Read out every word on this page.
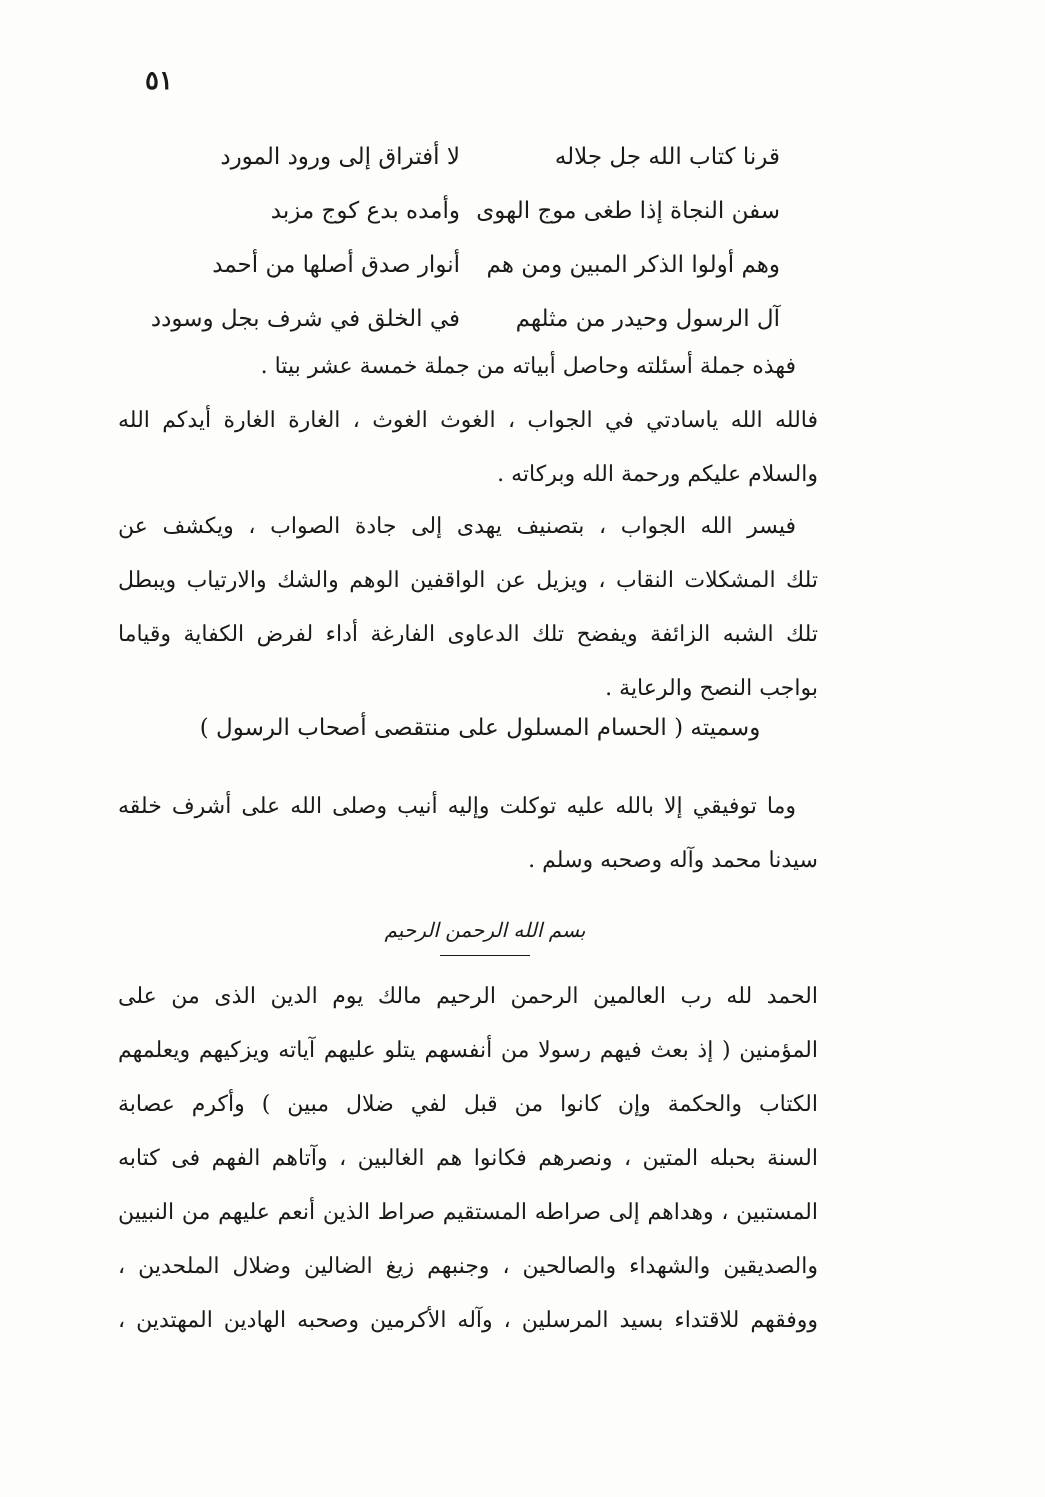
٥١
قرنا كتاب الله جل جلاله
لا أفتراق إلى ورود المورد
سفن النجاة إذا طغى موج الهوى
وأمده بدع كوج مزبد
وهم أولوا الذكر المبين ومن هم
أنوار صدق أصلها من أحمد
آل الرسول وحيدر من مثلهم
في الخلق في شرف بجل وسودد
فهذه جملة أسئلته وحاصل أبياته من جملة خمسة عشر بيتا .
فالله الله ياسادتي في الجواب ، الغوث الغوث ، الغارة الغارة أيدكم الله
والسلام عليكم ورحمة الله وبركاته .
فيسر الله الجواب ، بتصنيف يهدى إلى جادة الصواب ، ويكشف عن
تلك المشكلات النقاب ، ويزيل عن الواقفين الوهم والشك والارتياب ويبطل
تلك الشبه الزائفة ويفضح تلك الدعاوى الفارغة أداء لفرض الكفاية وقياما
بواجب النصح والرعاية .
وسميته ( الحسام المسلول على منتقصى أصحاب الرسول )
وما توفيقي إلا بالله عليه توكلت وإليه أنيب وصلى الله على أشرف خلقه
سيدنا محمد وآله وصحبه وسلم .
بسم الله الرحمن الرحيم
الحمد لله رب العالمين الرحمن الرحيم مالك يوم الدين الذى من على
المؤمنين ( إذ بعث فيهم رسولا من أنفسهم يتلو عليهم آياته ويزكيهم ويعلمهم
الكتاب والحكمة وإن كانوا من قبل لفي ضلال مبين ) وأكرم عصابة
السنة بحبله المتين ، ونصرهم فكانوا هم الغالبين ، وآتاهم الفهم فى كتابه
المستبين ، وهداهم إلى صراطه المستقيم صراط الذين أنعم عليهم من النبيين
والصديقين والشهداء والصالحين ، وجنبهم زيغ الضالين وضلال الملحدين ،
ووفقهم للاقتداء بسيد المرسلين ، وآله الأكرمين وصحبه الهادين المهتدين ،
